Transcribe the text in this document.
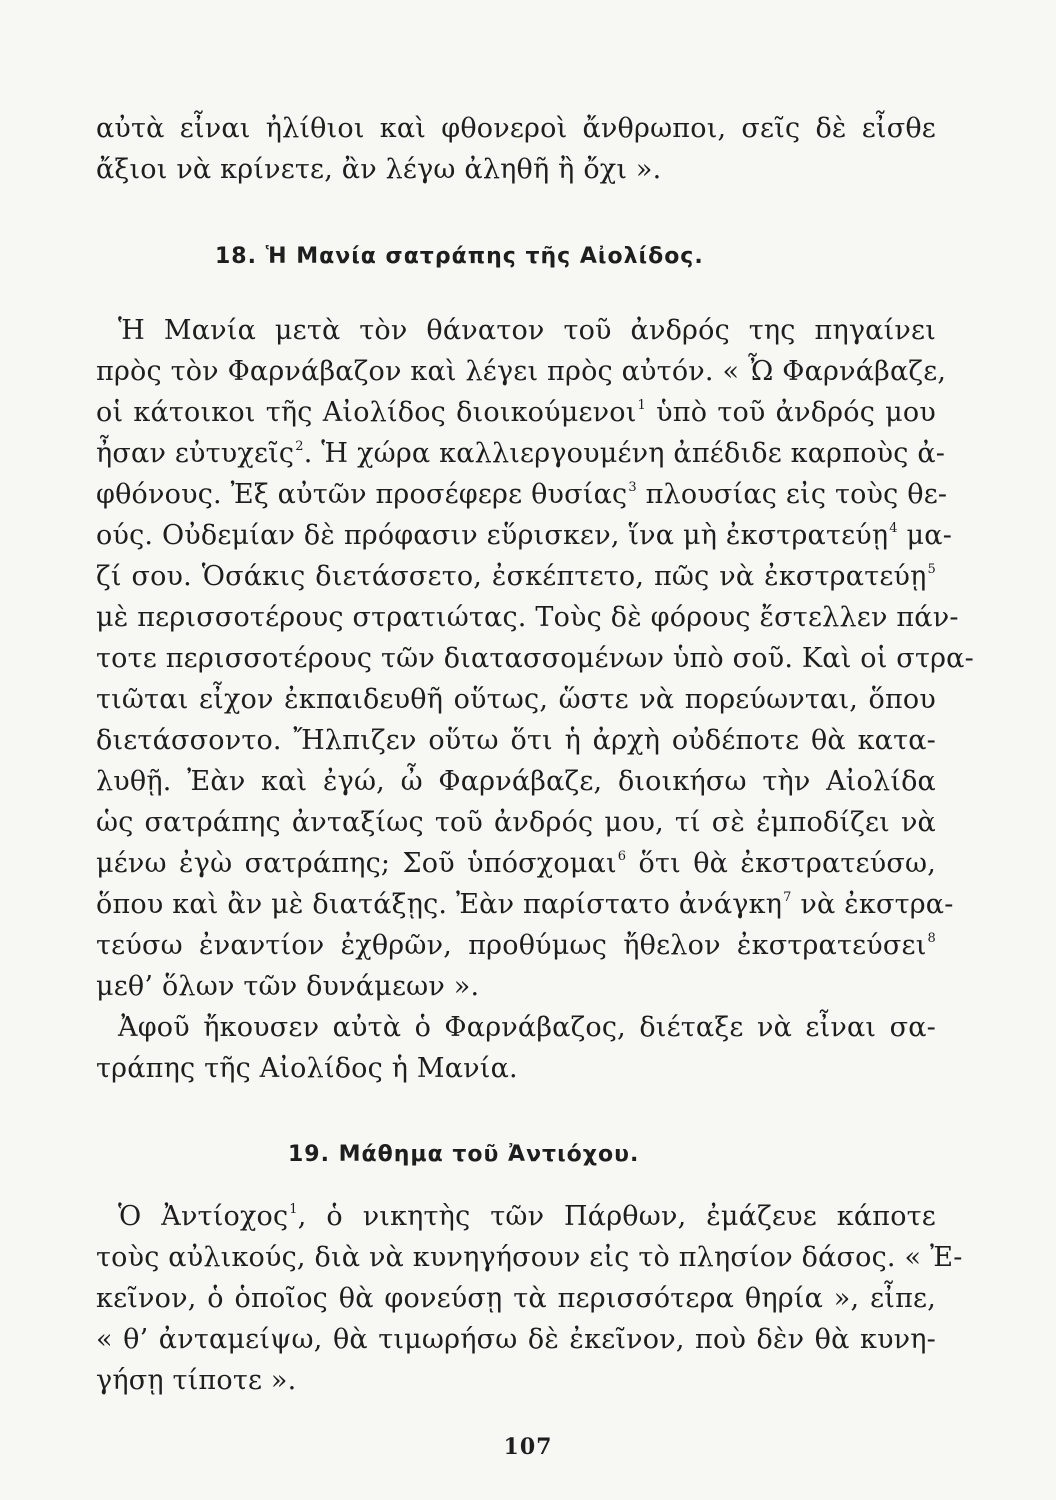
αὐτὰ εἶναι ἠλίθιοι καὶ φθονεροὶ ἄνθρωποι, σεῖς δὲ εἶσθε
ἄξιοι νὰ κρίνετε, ἂν λέγω ἀληθῆ ἢ ὄχι ».
18. Ἡ Μανία σατράπης τῆς Αἰολίδος.
Ἡ Μανία μετὰ τὸν θάνατον τοῦ ἀνδρός της πηγαίνει
πρὸς τὸν Φαρνάβαζον καὶ λέγει πρὸς αὐτόν. « Ὦ Φαρνάβαζε,
οἱ κάτοικοι τῆς Αἰολίδος διοικούμενοι$^1$ ὑπὸ τοῦ ἀνδρός μου
ἦσαν εὐτυχεῖς$^2$. Ἡ χώρα καλλιεργουμένη ἀπέδιδε καρποὺς ἀ-
φθόνους. Ἐξ αὐτῶν προσέφερε θυσίας$^3$ πλουσίας εἰς τοὺς θε-
ούς. Οὐδεμίαν δὲ πρόφασιν εὕρισκεν, ἵνα μὴ ἐκστρατεύῃ$^4$ μα-
ζί σου. Ὁσάκις διετάσσετο, ἐσκέπτετο, πῶς νὰ ἐκστρατεύῃ$^5$
μὲ περισσοτέρους στρατιώτας. Τοὺς δὲ φόρους ἔστελλεν πάν-
τοτε περισσοτέρους τῶν διατασσομένων ὑπὸ σοῦ. Καὶ οἱ στρα-
τιῶται εἶχον ἐκπαιδευθῆ οὕτως, ὥστε νὰ πορεύωνται, ὅπου
διετάσσοντο. Ἤλπιζεν οὕτω ὅτι ἡ ἀρχὴ οὐδέποτε θὰ κατα-
λυθῇ. Ἐὰν καὶ ἐγώ, ὦ Φαρνάβαζε, διοικήσω τὴν Αἰολίδα
ὡς σατράπης ἀνταξίως τοῦ ἀνδρός μου, τί σὲ ἐμποδίζει νὰ
μένω ἐγὼ σατράπης; Σοῦ ὑπόσχομαι$^6$ ὅτι θὰ ἐκστρατεύσω,
ὅπου καὶ ἂν μὲ διατάξῃς. Ἐὰν παρίστατο ἀνάγκη$^7$ νὰ ἐκστρα-
τεύσω ἐναντίον ἐχθρῶν, προθύμως ἤθελον ἐκστρατεύσει$^8$
μεθ’ ὅλων τῶν δυνάμεων ».
Ἀφοῦ ἤκουσεν αὐτὰ ὁ Φαρνάβαζος, διέταξε νὰ εἶναι σα-
τράπης τῆς Αἰολίδος ἡ Μανία.
19. Μάθημα τοῦ Ἀντιόχου.
Ὁ Ἀντίοχος$^1$, ὁ νικητὴς τῶν Πάρθων, ἐμάζευε κάποτε
τοὺς αὐλικούς, διὰ νὰ κυνηγήσουν εἰς τὸ πλησίον δάσος. « Ἐ-
κεῖνον, ὁ ὁποῖος θὰ φονεύσῃ τὰ περισσότερα θηρία », εἶπε,
« θ’ ἀνταμείψω, θὰ τιμωρήσω δὲ ἐκεῖνον, ποὺ δὲν θὰ κυνη-
γήσῃ τίποτε ».
107
